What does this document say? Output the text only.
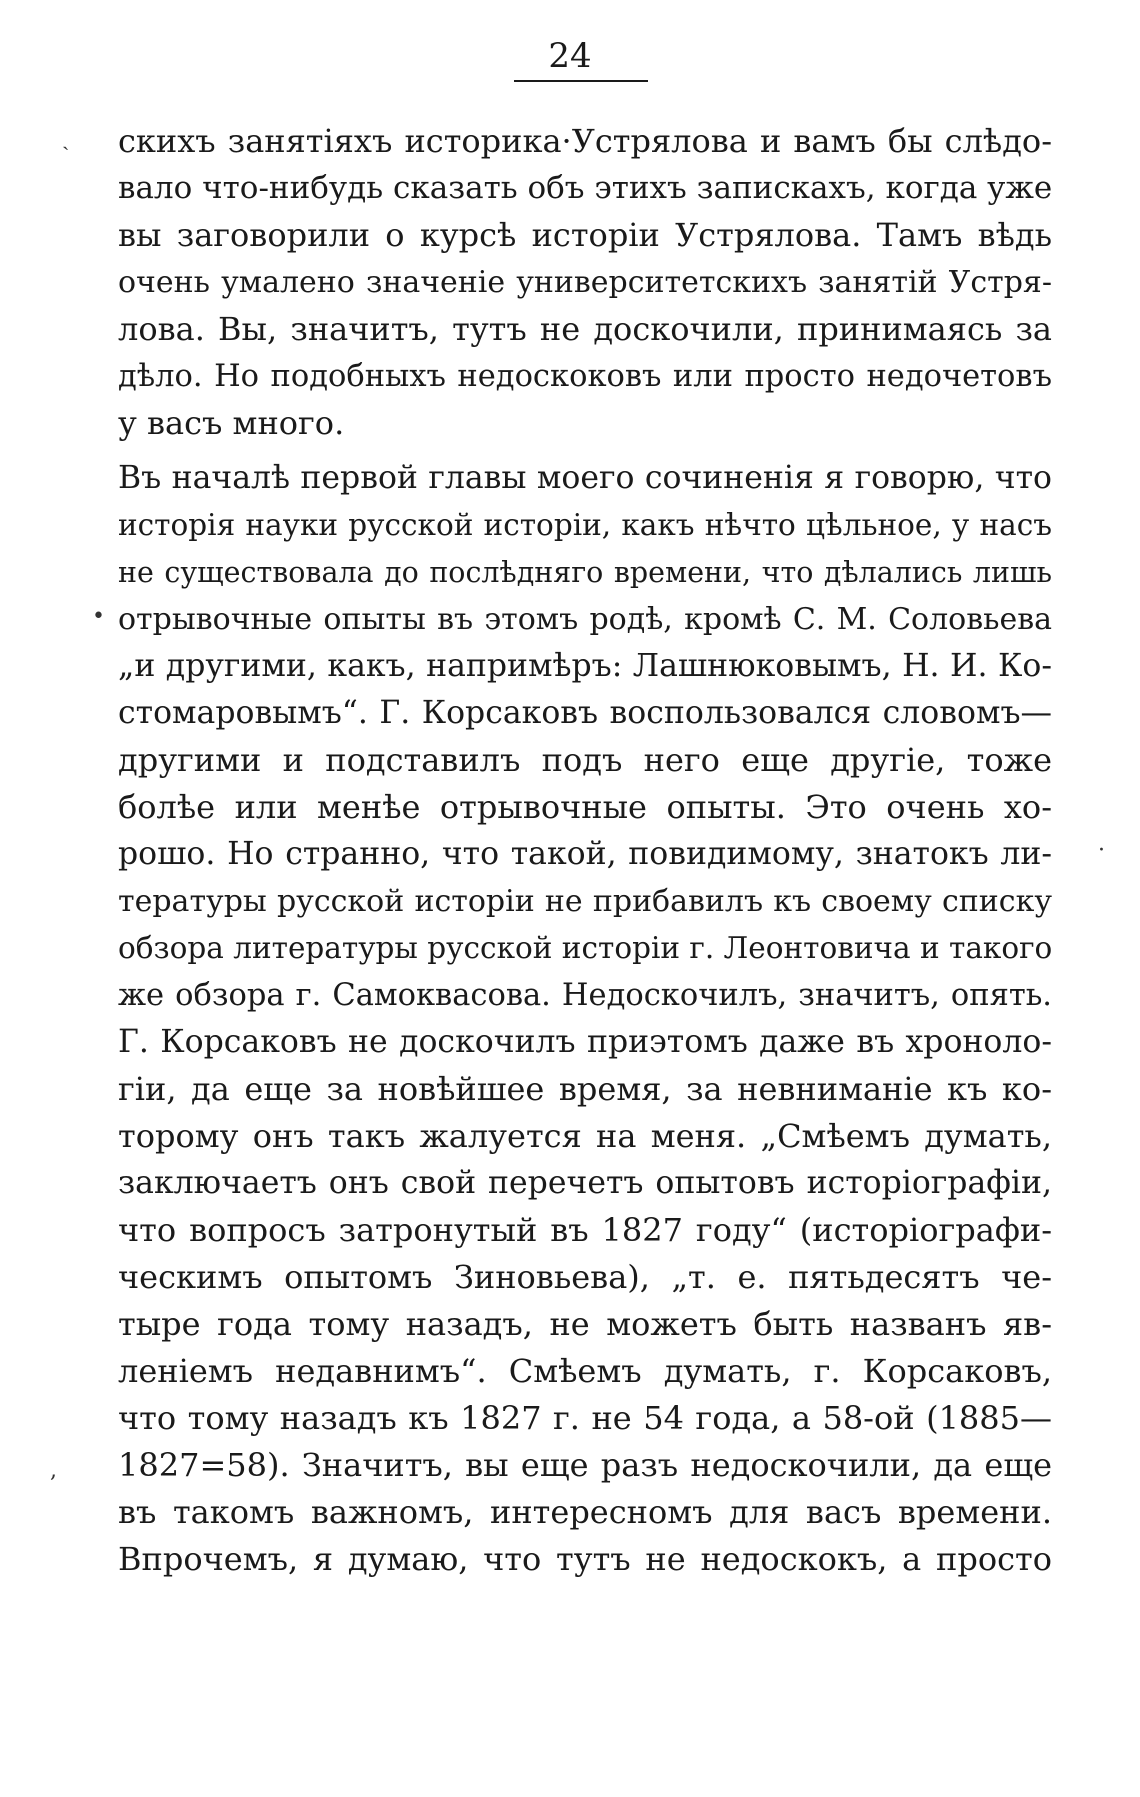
24
ˎ
•
·
,
скихъ занятіяхъ историка·Устрялова и вамъ бы слѣдо-
вало что-нибудь сказать объ этихъ запискахъ, когда уже
вы заговорили о курсѣ исторіи Устрялова. Тамъ вѣдь
очень умалено значеніе университетскихъ занятій Устря-
лова. Вы, значитъ, тутъ не доскочили, принимаясь за
дѣло. Но подобныхъ недоскоковъ или просто недочетовъ
у васъ много.
Въ началѣ первой главы моего сочиненія я говорю, что
исторія науки русской исторіи, какъ нѣчто цѣльное, у насъ
не существовала до послѣдняго времени, что дѣлались лишь
отрывочные опыты въ этомъ родѣ, кромѣ С. М. Соловьева
„и другими, какъ, напримѣръ: Лашнюковымъ, Н. И. Ко-
стомаровымъ“. Г. Корсаковъ воспользовался словомъ—
другими и подставилъ подъ него еще другіе, тоже
болѣе или менѣе отрывочные опыты. Это очень хо-
рошо. Но странно, что такой, повидимому, знатокъ ли-
тературы русской исторіи не прибавилъ къ своему списку
обзора литературы русской исторіи г. Леонтовича и такого
же обзора г. Самоквасова. Недоскочилъ, значитъ, опять.
Г. Корсаковъ не доскочилъ приэтомъ даже въ хроноло-
гіи, да еще за новѣйшее время, за невниманіе къ ко-
торому онъ такъ жалуется на меня. „Смѣемъ думать,
заключаетъ онъ свой перечетъ опытовъ исторіографіи,
что вопросъ затронутый въ 1827 году“ (исторіографи-
ческимъ опытомъ Зиновьева), „т. е. пятьдесятъ че-
тыре года тому назадъ, не можетъ быть названъ яв-
леніемъ недавнимъ“. Смѣемъ думать, г. Корсаковъ,
что тому назадъ къ 1827 г. не 54 года, а 58-ой (1885—
1827=58). Значитъ, вы еще разъ недоскочили, да еще
въ такомъ важномъ, интересномъ для васъ времени.
Впрочемъ, я думаю, что тутъ не недоскокъ, а просто
